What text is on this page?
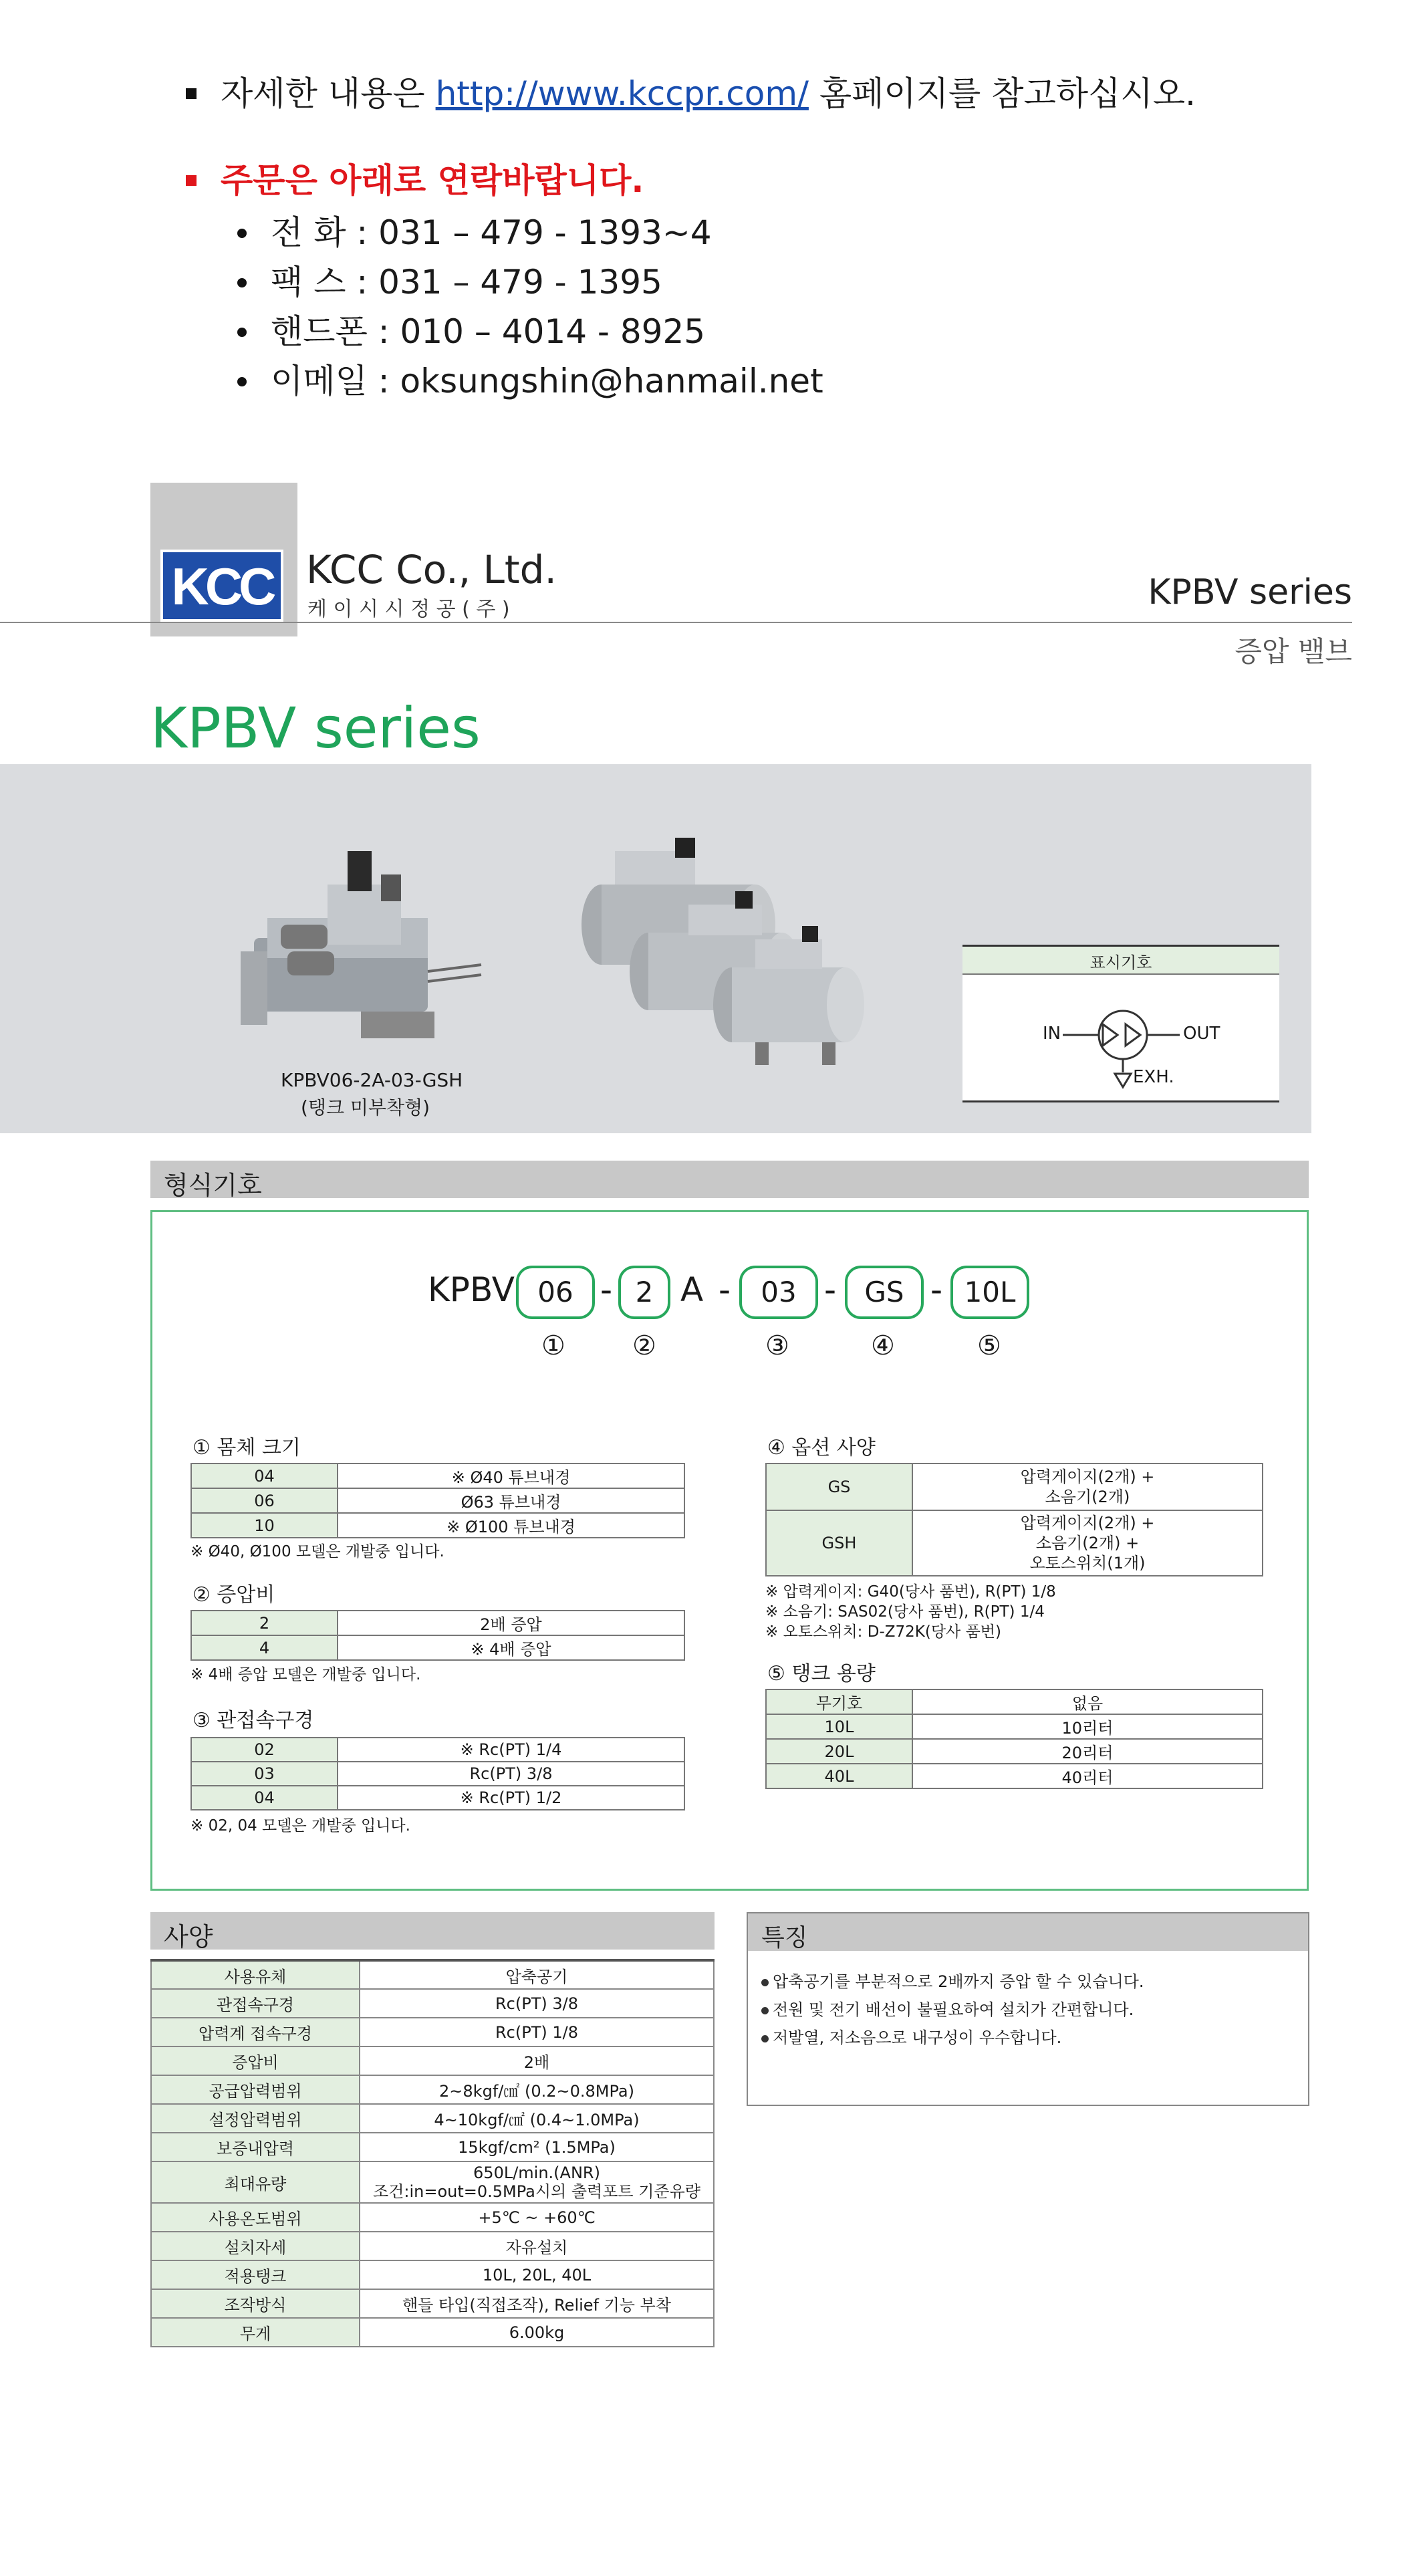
자세한 내용은 http://www.kccpr.com/ 홈페이지를 참고하십시오.
주문은 아래로 연락바랍니다.
전 화 : 031 – 479 - 1393~4
팩 스 : 031 – 479 - 1395
핸드폰 : 010 – 4014 - 8925
이메일 : oksungshin@hanmail.net
KCC KCC Co., Ltd.
케 이 시 시 정 공 ( 주 )	KPBV series
증압 밸브
KPBV series
KPBV06-2A-03-GSH
(탱크 미부착형)
표시기호
IN	OUT
EXH.
형식기호
KPBV 06 - 2 A -	03 -	GS - 10L
①	②	③	④	⑤
① 몸체 크기
04	※ Ø40 튜브내경
06	Ø63 튜브내경
10	※ Ø100 튜브내경
※ Ø40, Ø100 모델은 개발중 입니다.
② 증압비
2	2배 증압
4	※ 4배 증압
※ 4배 증압 모델은 개발중 입니다.
③ 관접속구경
02	※ Rc(PT) 1/4
03	Rc(PT) 3/8
04	※ Rc(PT) 1/2
※ 02, 04 모델은 개발중 입니다.
④ 옵션 사양
GS	압력게이지(2개) +
소음기(2개)

GSH	압력게이지(2개) +
소음기(2개) +
오토스위치(1개)
※ 압력게이지: G40(당사 품번), R(PT) 1/8
※ 소음기: SAS02(당사 품번), R(PT) 1/4
※ 오토스위치: D-Z72K(당사 품번)
⑤ 탱크 용량
무기호	없음
10L	10리터
20L	20리터
40L	40리터
사양
사용유체	압축공기
관접속구경	Rc(PT) 3/8
압력계 접속구경	Rc(PT) 1/8
증압비	2배
공급압력범위	2~8kgf/㎠ (0.2~0.8MPa)
설정압력범위	4~10kgf/㎠ (0.4~1.0MPa)
보증내압력	15kgf/cm² (1.5MPa)
최대유량	650L/min.(ANR)
조건:in=out=0.5MPa시의 출력포트 기준유량

사용온도범위	+5℃ ~ +60℃
설치자세	자유설치
적용탱크	10L, 20L, 40L
조작방식	핸들 타입(직접조작), Relief 기능 부착
무게	6.00kg
특징
압축공기를 부분적으로 2배까지 증압 할 수 있습니다.
전원 및 전기 배선이 불필요하여 설치가 간편합니다.
저발열, 저소음으로 내구성이 우수합니다.
